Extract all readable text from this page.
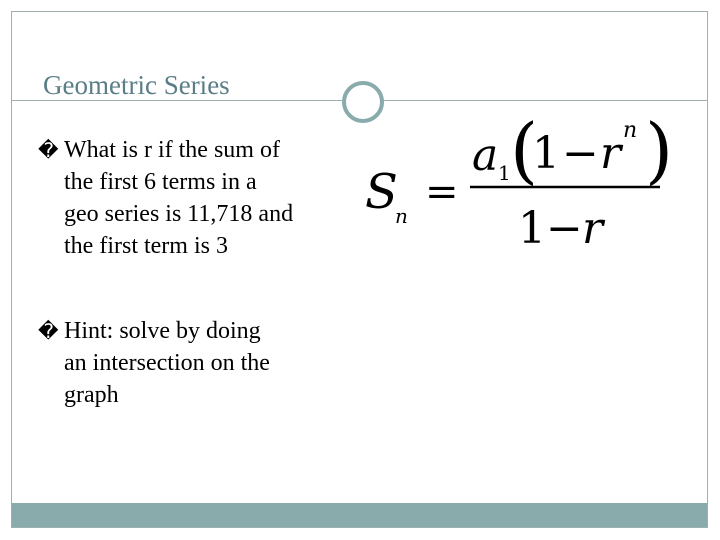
Geometric Series
� What is r if the sum of
the first 6 terms in a
geo series is 11,718 and
the first term is 3
� Hint: solve by doing
an intersection on the
graph
S
n
=
a 1 (
1 − r n )
1 − r
